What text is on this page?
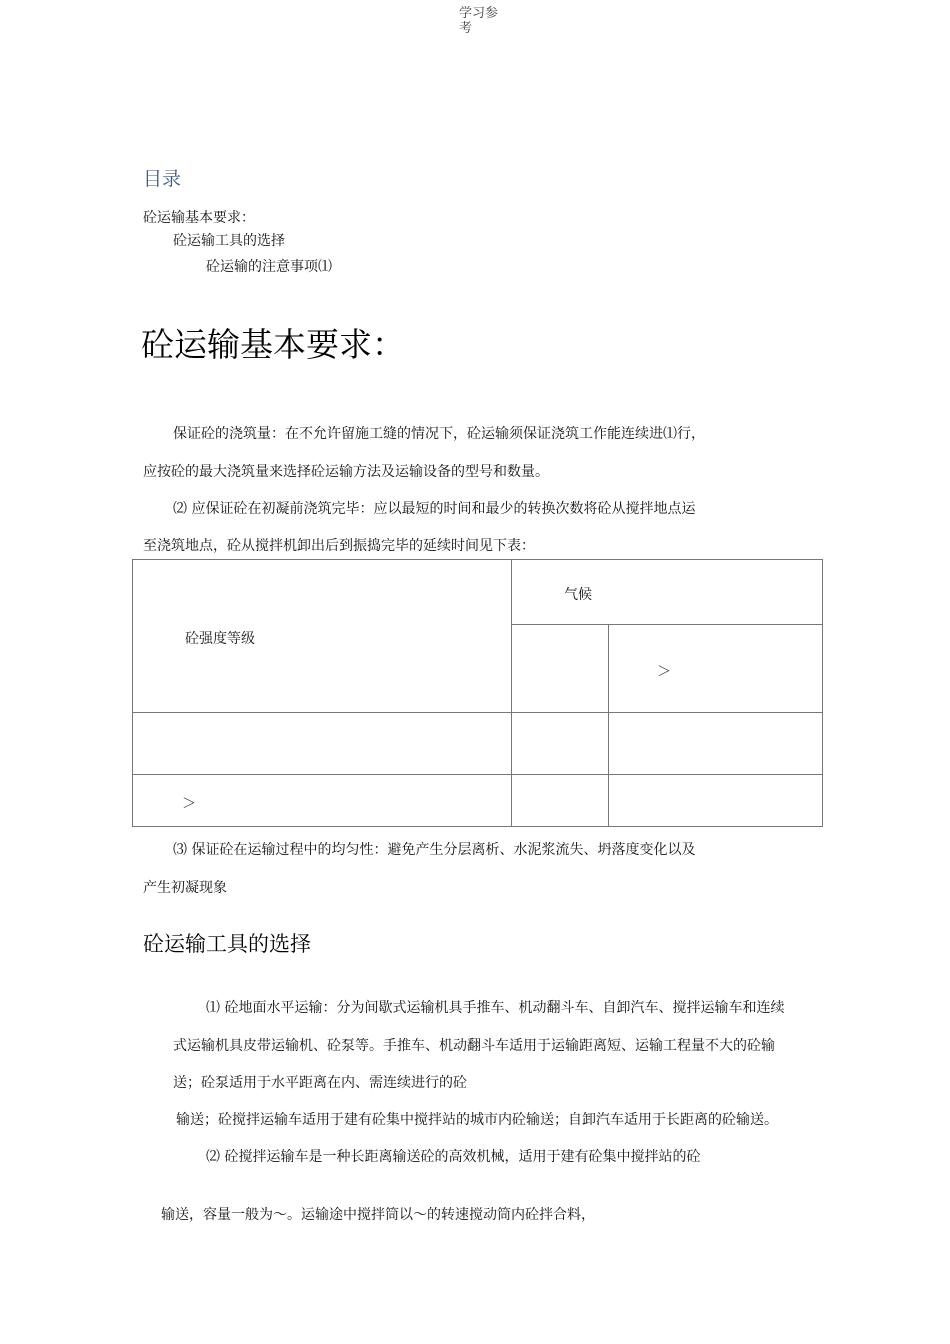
学习参考
目录
砼运输基本要求：
砼运输工具的选择
砼运输的注意事项⑴
砼运输基本要求：
保证砼的浇筑量：在不允许留施工缝的情况下，砼运输须保证浇筑工作能连续进⑴行，
应按砼的最大浇筑量来选择砼运输方法及运输设备的型号和数量。
⑵ 应保证砼在初凝前浇筑完毕：应以最短的时间和最少的转换次数将砼从搅拌地点运
至浇筑地点，砼从搅拌机卸出后到振捣完毕的延续时间见下表：
砼强度等级	气候	

		＞

＞		

⑶ 保证砼在运输过程中的均匀性：避免产生分层离析、水泥浆流失、坍落度变化以及
产生初凝现象
砼运输工具的选择
⑴ 砼地面水平运输：分为间歇式运输机具手推车、机动翻斗车、自卸汽车、搅拌运输车和连续
式运输机具皮带运输机、砼泵等。手推车、机动翻斗车适用于运输距离短、运输工程量不大的砼输
送；砼泵适用于水平距离在内、需连续进行的砼
输送；砼搅拌运输车适用于建有砼集中搅拌站的城市内砼输送；自卸汽车适用于长距离的砼输送。
⑵ 砼搅拌运输车是一种长距离输送砼的高效机械，适用于建有砼集中搅拌站的砼
输送，容量一般为～。运输途中搅拌筒以～的转速搅动筒内砼拌合料，
